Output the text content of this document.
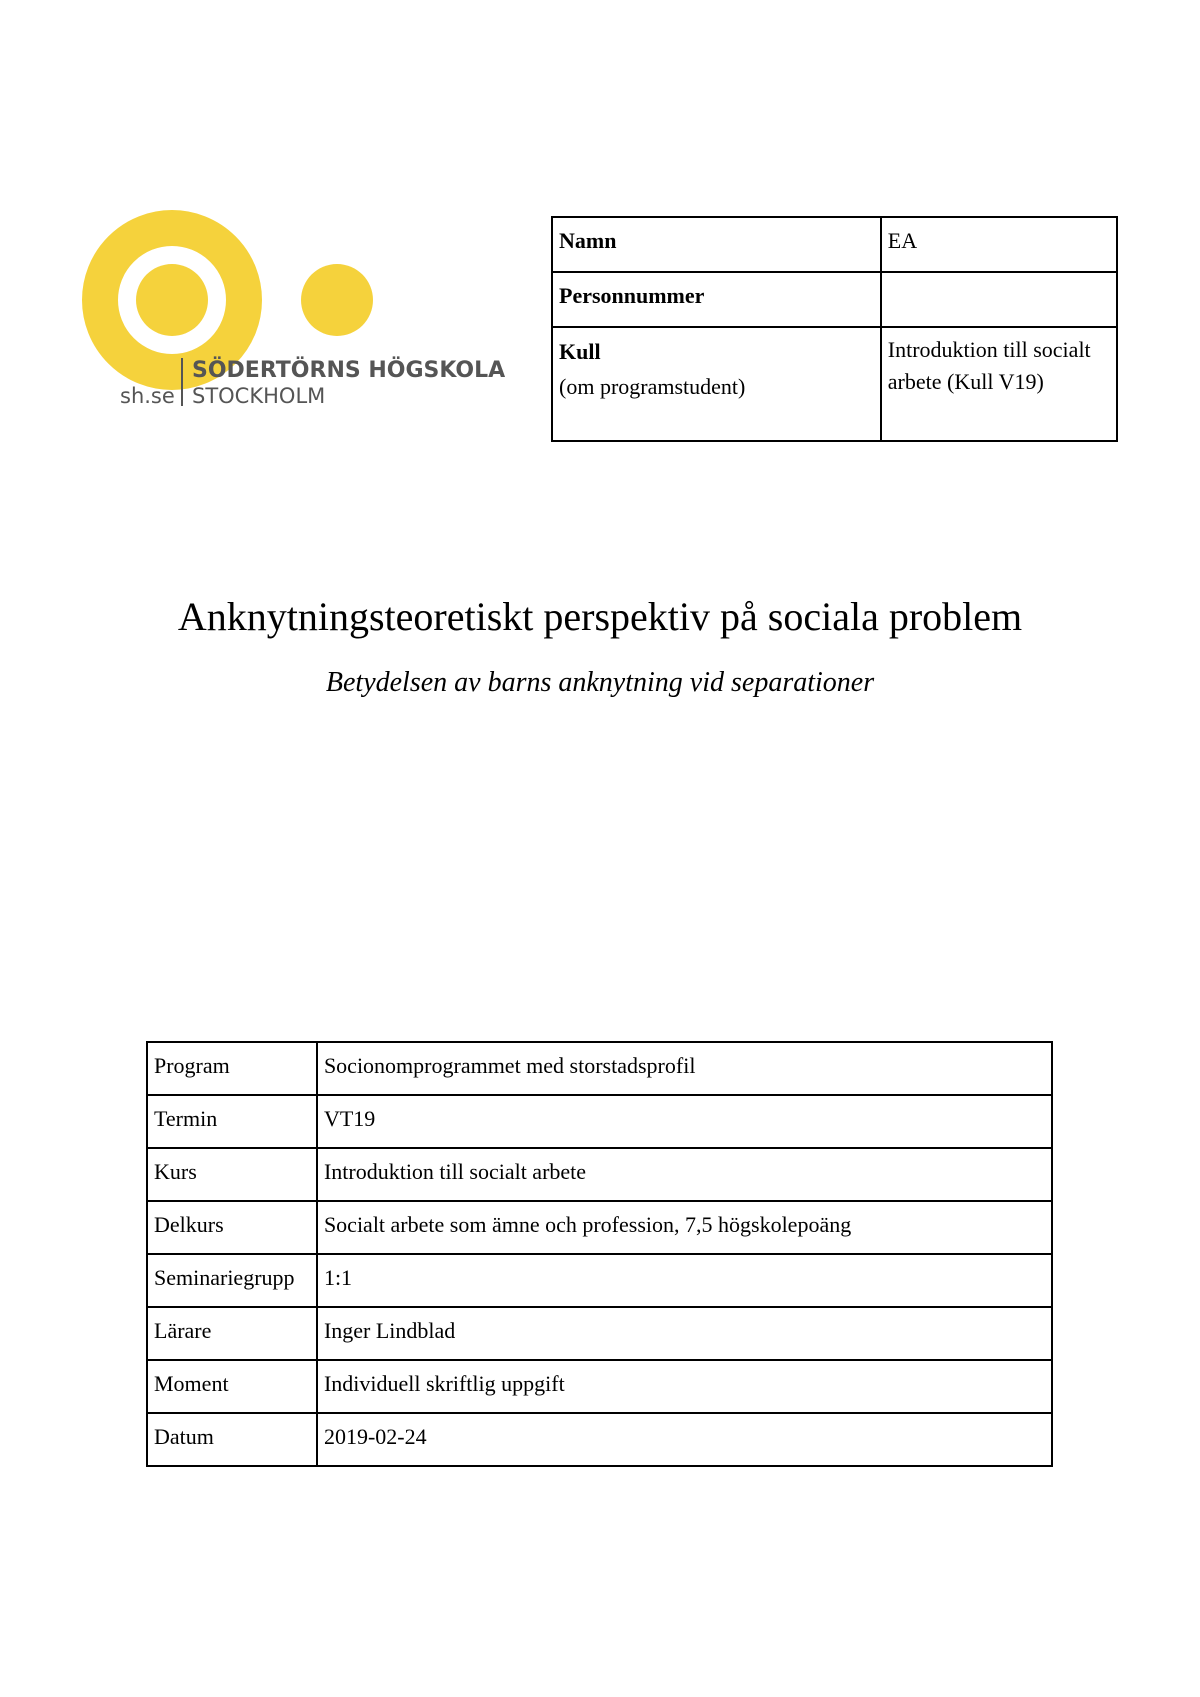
SÖDERTÖRNS HÖGSKOLA
STOCKHOLM
sh.se
Namn	EA
Personnummer	

Kull
(om programstudent)	Introduktion till socialt arbete (Kull V19)
Anknytningsteoretiskt perspektiv på sociala problem
Betydelsen av barns anknytning vid separationer
Program	Socionomprogrammet med storstadsprofil
Termin	VT19
Kurs	Introduktion till socialt arbete
Delkurs	Socialt arbete som ämne och profession, 7,5 högskolepoäng
Seminariegrupp	1:1
Lärare	Inger Lindblad
Moment	Individuell skriftlig uppgift
Datum	2019-02-24
